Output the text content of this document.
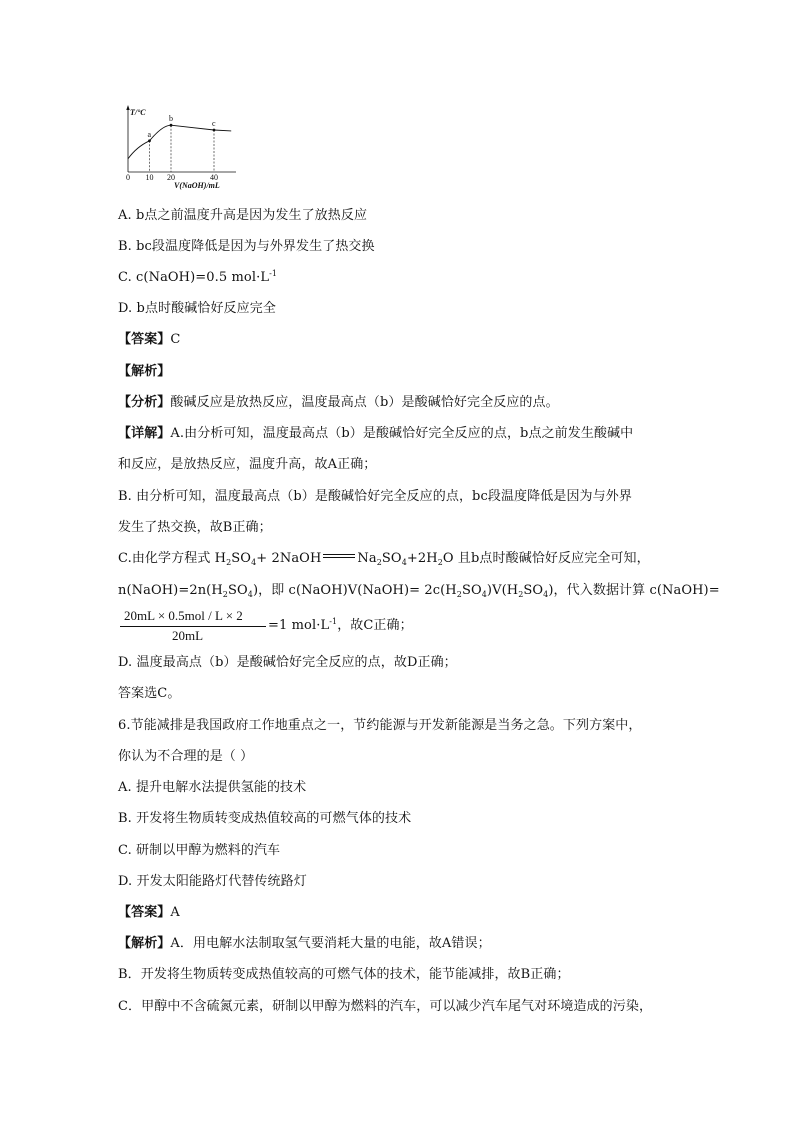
T/°C
a
b
c
0 10 20	40
V(NaOH)/mL
A. b点之前温度升高是因为发生了放热反应
B. bc段温度降低是因为与外界发生了热交换
C. c(NaOH)=0.5 $mol\cdot L^{-1}$
D. b点时酸碱恰好反应完全
【答案】C
【解析】
【分析】酸碱反应是放热反应，温度最高点（b）是酸碱恰好完全反应的点。
【详解】A.由分析可知，温度最高点（b）是酸碱恰好完全反应的点，b点之前发生酸碱中
和反应，是放热反应，温度升高，故A正确；
B. 由分析可知，温度最高点（b）是酸碱恰好完全反应的点，bc段温度降低是因为与外界
发生了热交换，故B正确；
C.由化学方程式 $H_2SO_4+$ 2NaOH	$Na_2SO_4+2H_2O$ 且b点时酸碱恰好反应完全可知，
$n(NaOH)=2n(H_2SO_4)$，即 c(NaOH)V(NaOH)= $2c(H_2SO_4)V(H_2SO_4)$，代入数据计算 c(NaOH)=
20mL × 0.5mol / L × 2
20mL
=1 $mol\cdot L^{-1}$，故C正确；
D. 温度最高点（b）是酸碱恰好完全反应的点，故D正确；
答案选C。
6.节能减排是我国政府工作地重点之一，节约能源与开发新能源是当务之急。下列方案中，
你认为不合理的是（ ）
A. 提升电解水法提供氢能的技术
B. 开发将生物质转变成热值较高的可燃气体的技术
C. 研制以甲醇为燃料的汽车
D. 开发太阳能路灯代替传统路灯
【答案】A
【解析】A．用电解水法制取氢气要消耗大量的电能，故A错误；
B．开发将生物质转变成热值较高的可燃气体的技术，能节能减排，故B正确；
C．甲醇中不含硫氮元素，研制以甲醇为燃料的汽车，可以减少汽车尾气对环境造成的污染，
